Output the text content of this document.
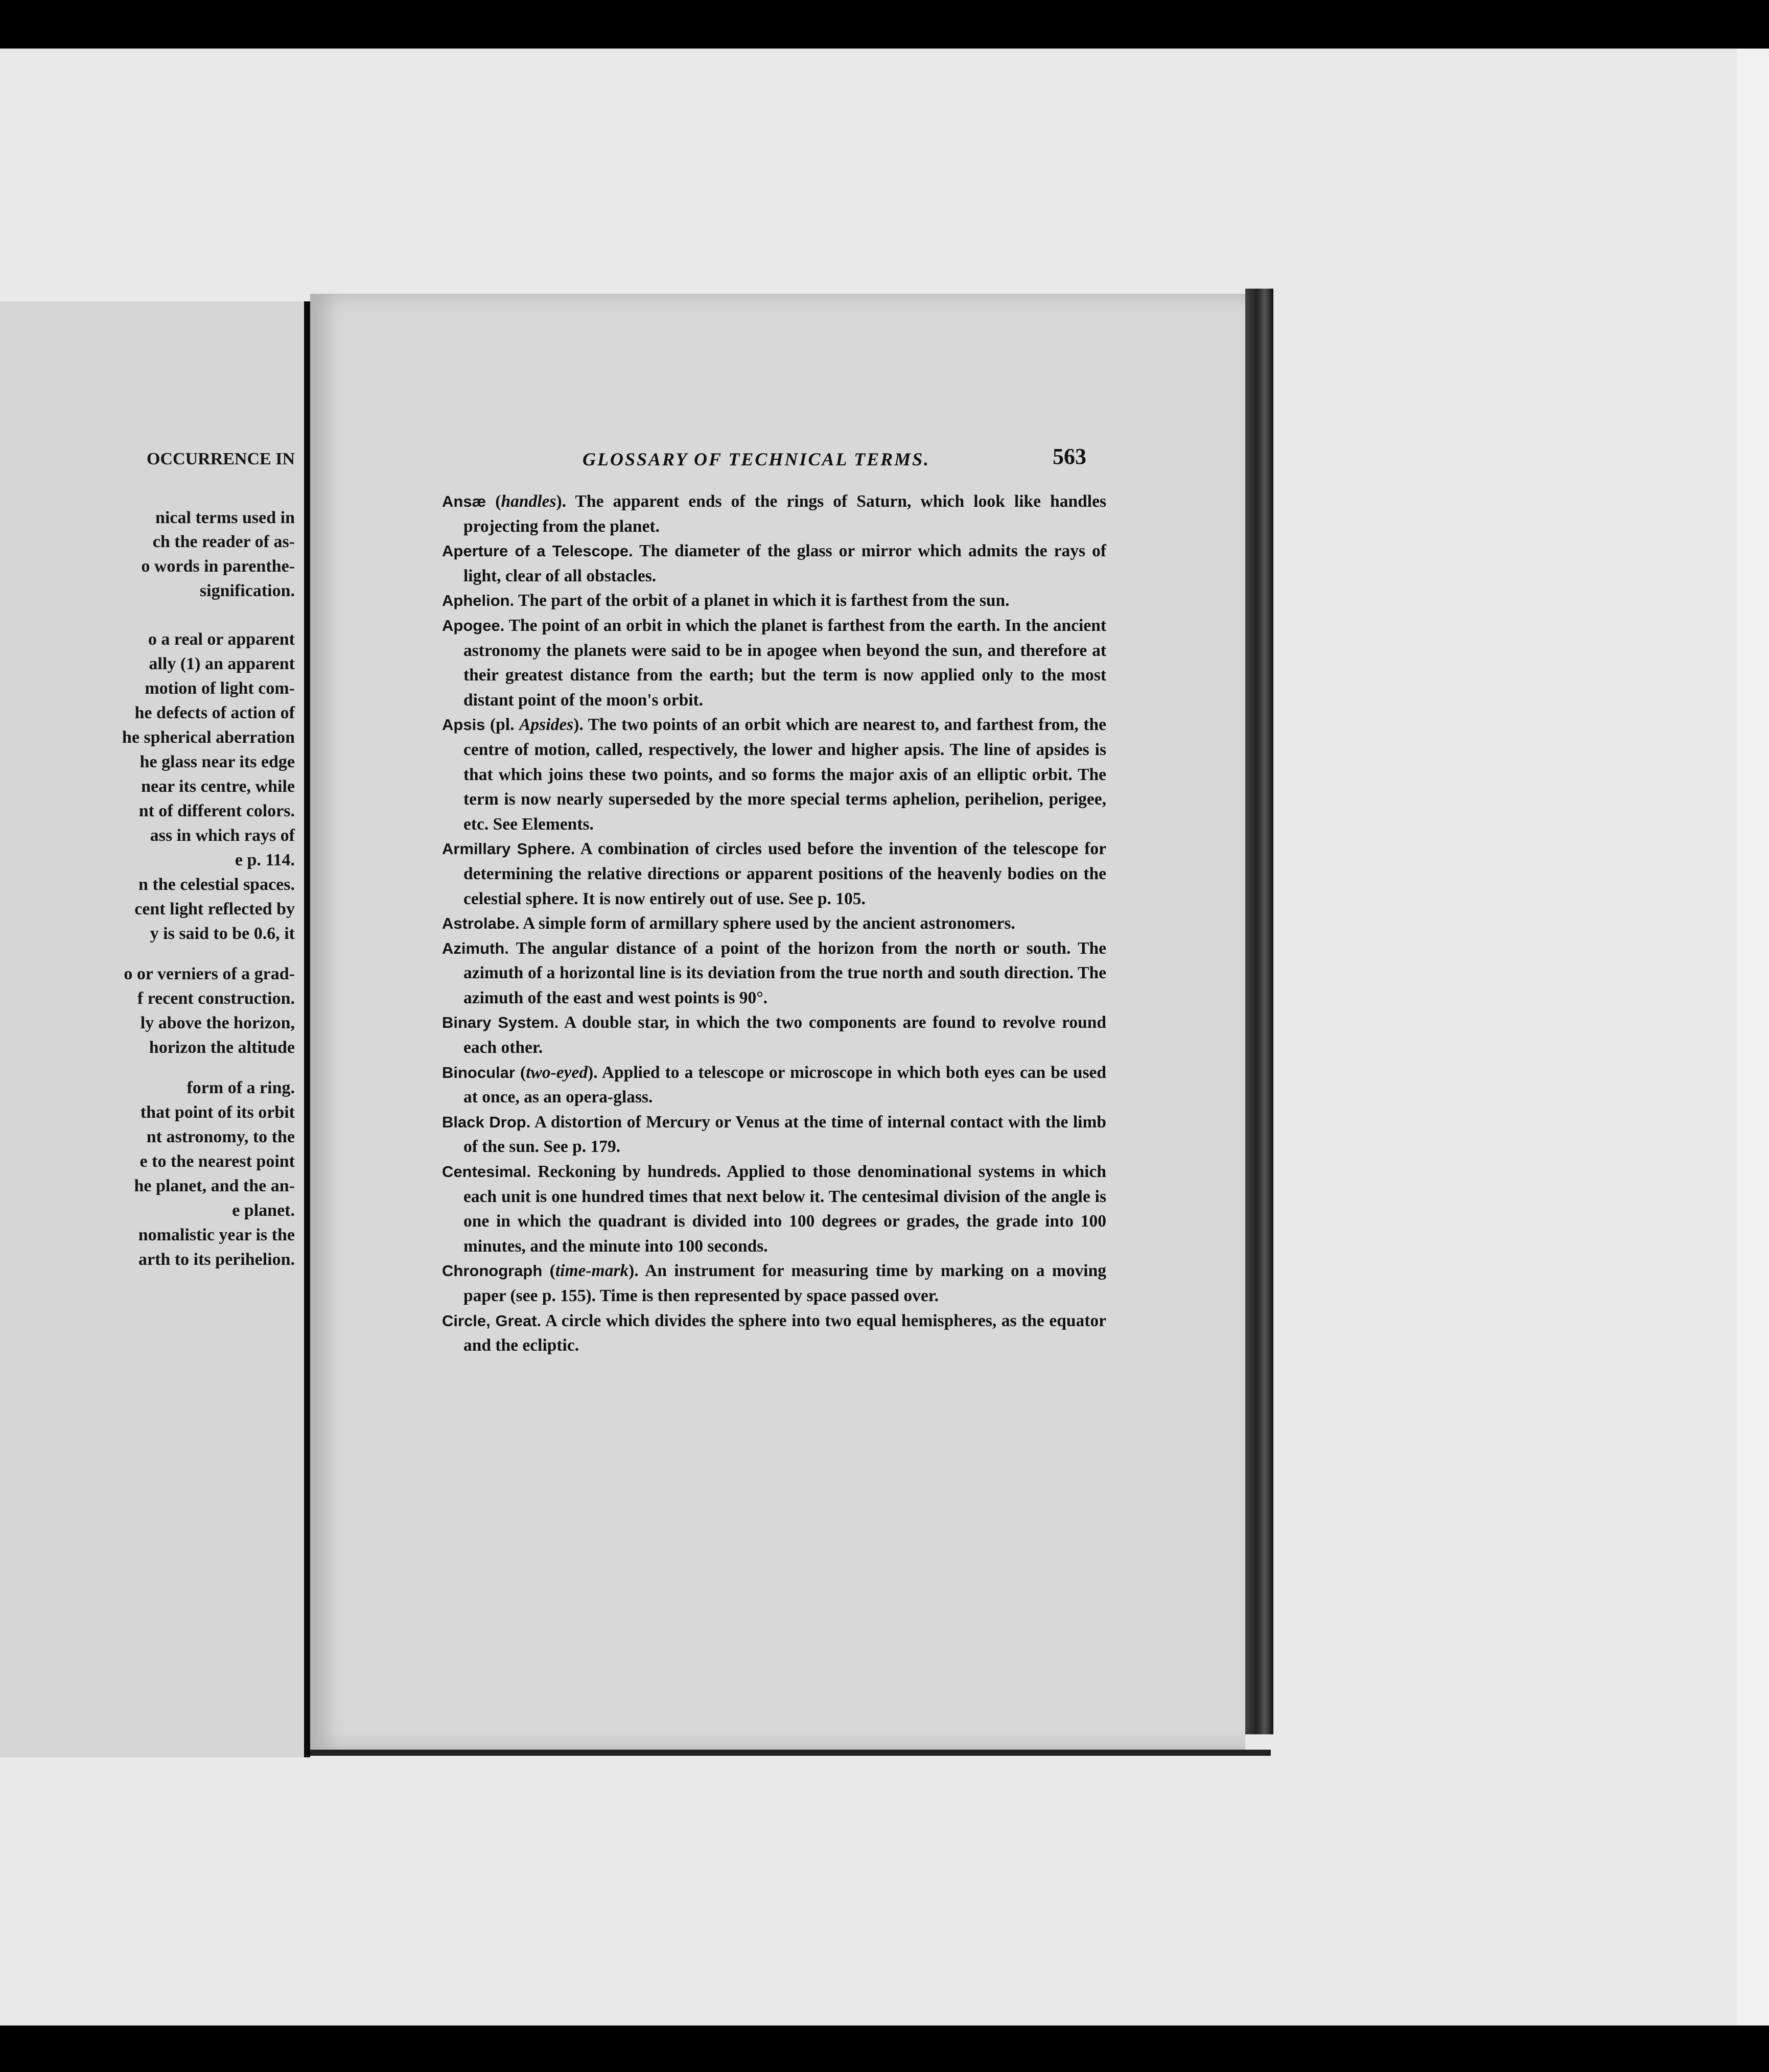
OCCURRENCE IN

nical terms used in

ch the reader of as-

o words in parenthe-

signification.

o a real or apparent

ally (1) an apparent

motion of light com-

he defects of action of

he spherical aberration

he glass near its edge

near its centre, while

nt of different colors.

ass in which rays of

e p. 114.

n the celestial spaces.

cent light reflected by

y is said to be 0.6, it

o or verniers of a grad-

f recent construction.

ly above the horizon,

horizon the altitude

form of a ring.

that point of its orbit

nt astronomy, to the

e to the nearest point

he planet, and the an-

e planet.

nomalistic year is the

arth to its perihelion.

GLOSSARY OF TECHNICAL TERMS.	563

Ansæ (handles). The apparent ends of the rings of Saturn, which look like handles projecting from the planet.

Aperture of a Telescope. The diameter of the glass or mirror which admits the rays of light, clear of all obstacles.

Aphelion. The part of the orbit of a planet in which it is farthest from the sun.

Apogee. The point of an orbit in which the planet is farthest from the earth. In the ancient astronomy the planets were said to be in apogee when beyond the sun, and therefore at their greatest distance from the earth; but the term is now applied only to the most distant point of the moon's orbit.

Apsis (pl. Apsides). The two points of an orbit which are nearest to, and farthest from, the centre of motion, called, respectively, the lower and higher apsis. The line of apsides is that which joins these two points, and so forms the major axis of an elliptic orbit. The term is now nearly superseded by the more special terms aphelion, perihelion, perigee, etc. See Elements.

Armillary Sphere. A combination of circles used before the invention of the telescope for determining the relative directions or apparent positions of the heavenly bodies on the celestial sphere. It is now entirely out of use. See p. 105.

Astrolabe. A simple form of armillary sphere used by the ancient astronomers.

Azimuth. The angular distance of a point of the horizon from the north or south. The azimuth of a horizontal line is its deviation from the true north and south direction. The azimuth of the east and west points is 90°.

Binary System. A double star, in which the two components are found to revolve round each other.

Binocular (two-eyed). Applied to a telescope or microscope in which both eyes can be used at once, as an opera-glass.

Black Drop. A distortion of Mercury or Venus at the time of internal contact with the limb of the sun. See p. 179.

Centesimal. Reckoning by hundreds. Applied to those denominational systems in which each unit is one hundred times that next below it. The centesimal division of the angle is one in which the quadrant is divided into 100 degrees or grades, the grade into 100 minutes, and the minute into 100 seconds.

Chronograph (time-mark). An instrument for measuring time by marking on a moving paper (see p. 155). Time is then represented by space passed over.

Circle, Great. A circle which divides the sphere into two equal hemispheres, as the equator and the ecliptic.
